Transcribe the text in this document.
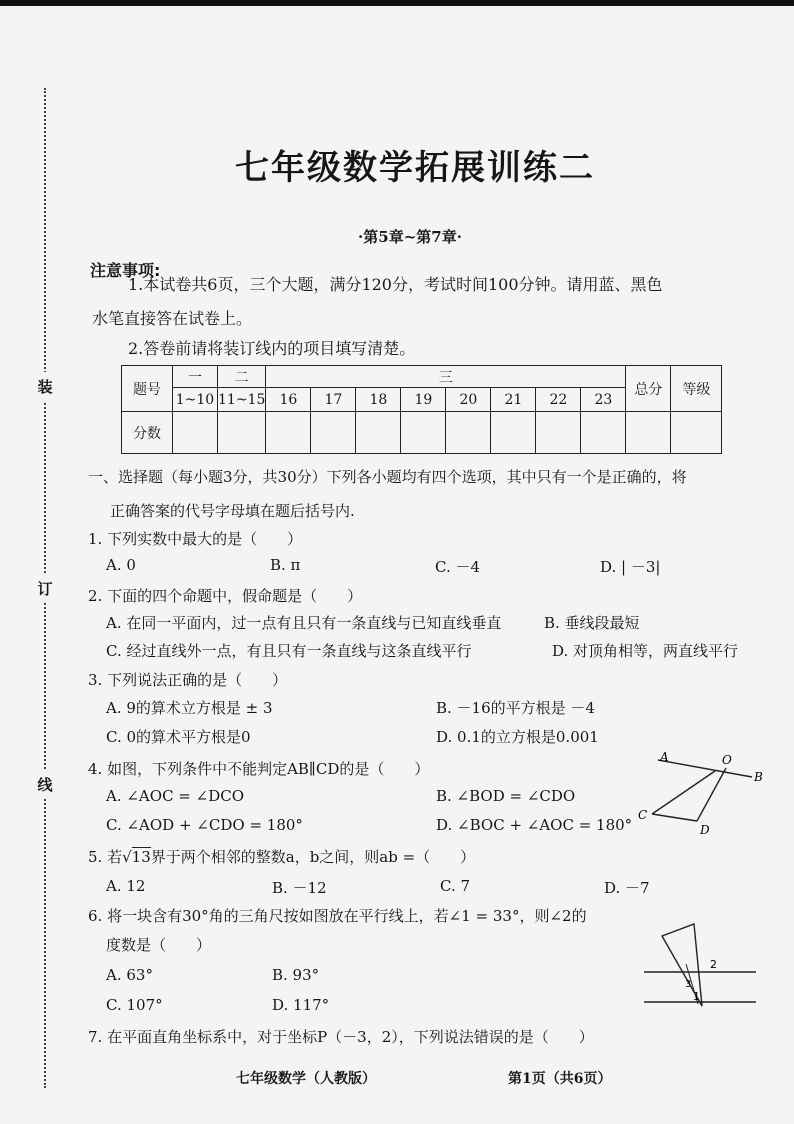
装
订
线
七年级数学拓展训练二
·第5章~第7章·
注意事项:
1.本试卷共6页，三个大题，满分120分，考试时间100分钟。请用蓝、黑色
水笔直接答在试卷上。
2.答卷前请将装订线内的项目填写清楚。
题号	一	二	三								总分	等级
	1~10	11~15	16	17	18	19	20	21	22	23		
分数												
一、选择题（每小题3分，共30分）下列各小题均有四个选项，其中只有一个是正确的，将
正确答案的代号字母填在题后括号内.
1. 下列实数中最大的是（　　）
A. 0	B. π	C. －4	D. | －3|
2. 下面的四个命题中，假命题是（　　）
A. 在同一平面内，过一点有且只有一条直线与已知直线垂直	B. 垂线段最短
C. 经过直线外一点，有且只有一条直线与这条直线平行	D. 对顶角相等，两直线平行
3. 下列说法正确的是（　　）
A. 9的算术立方根是 ± 3	B. －16的平方根是 －4
C. 0的算术平方根是0	D. 0.1的立方根是0.001
4. 如图，下列条件中不能判定AB∥CD的是（　　）
A. ∠AOC = ∠DCO	B. ∠BOD = ∠CDO
C. ∠AOD + ∠CDO = 180°	D. ∠BOC + ∠AOC = 180°
A	O
B
C
D
5. 若√13界于两个相邻的整数a，b之间，则ab =（　　）
A. 12	B. －12	C. 7	D. －7
6. 将一块含有30°角的三角尺按如图放在平行线上，若∠1 = 33°，则∠2的
度数是（　　）
A. 63°	B. 93°
C. 107°	D. 117°
2
3
1
7. 在平面直角坐标系中，对于坐标P（－3，2），下列说法错误的是（　　）
七年级数学（人教版）	第1页（共6页）
